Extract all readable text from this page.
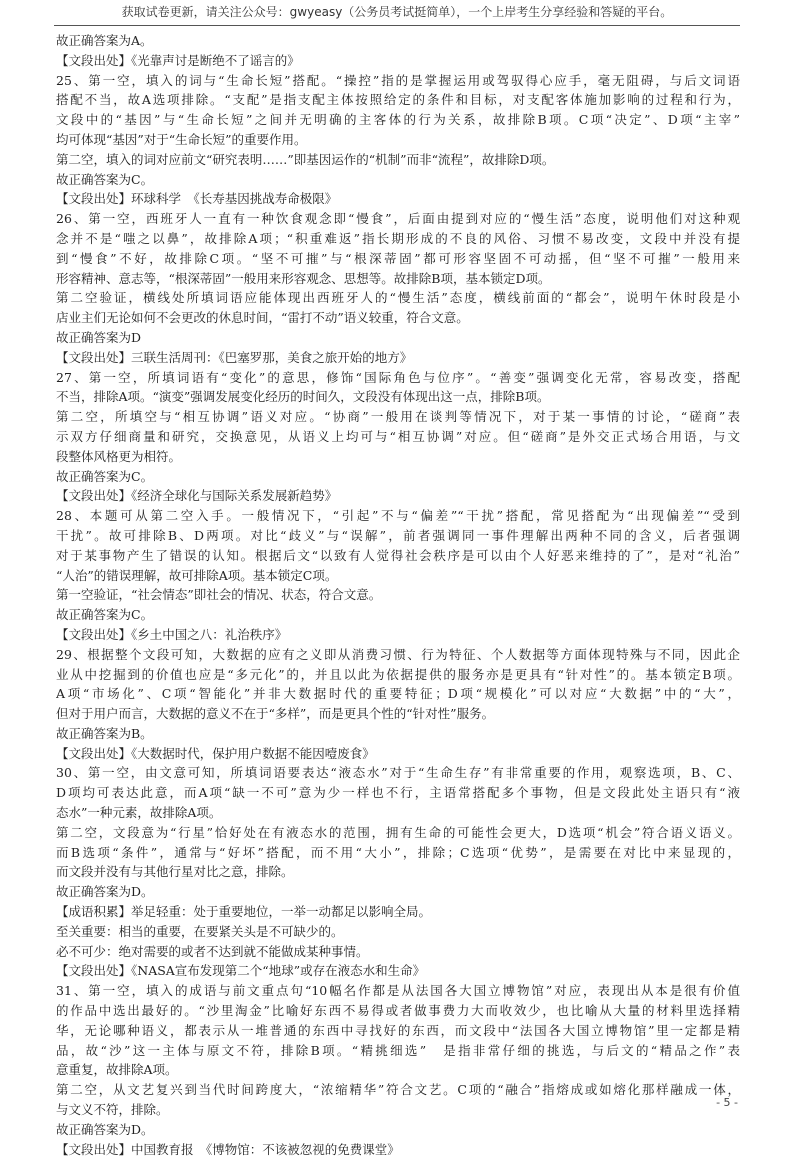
获取试卷更新，请关注公众号：gwyeasy（公务员考试挺简单），一个上岸考生分享经验和答疑的平台。
故正确答案为A。
【文段出处】《光靠声讨是断绝不了谣言的》
25、第一空，填入的词与“生命长短”搭配。“操控”指的是掌握运用或驾驭得心应手，毫无阻碍，与后文词语
搭配不当，故A选项排除。“支配”是指支配主体按照给定的条件和目标，对支配客体施加影响的过程和行为，
文段中的“基因”与“生命长短”之间并无明确的主客体的行为关系，故排除B项。C项“决定”、D项“主宰”
均可体现“基因”对于“生命长短”的重要作用。
第二空，填入的词对应前文“研究表明……”即基因运作的“机制”而非“流程”，故排除D项。
故正确答案为C。
【文段出处】环球科学　《长寿基因挑战寿命极限》
26、第一空，西班牙人一直有一种饮食观念即“慢食”，后面由提到对应的“慢生活”态度，说明他们对这种观
念并不是“嗤之以鼻”，故排除A项；“积重难返”指长期形成的不良的风俗、习惯不易改变，文段中并没有提
到“慢食”不好，故排除C项。“坚不可摧”与“根深蒂固”都可形容坚固不可动摇，但“坚不可摧”一般用来
形容精神、意志等，“根深蒂固”一般用来形容观念、思想等。故排除B项，基本锁定D项。
第二空验证，横线处所填词语应能体现出西班牙人的“慢生活”态度，横线前面的“都会”，说明午休时段是小
店业主们无论如何不会更改的休息时间，“雷打不动”语义较重，符合文意。
故正确答案为D
【文段出处】三联生活周刊：《巴塞罗那，美食之旅开始的地方》
27、第一空，所填词语有“变化”的意思，修饰“国际角色与位序”。“善变”强调变化无常，容易改变，搭配
不当，排除A项。“演变”强调发展变化经历的时间久，文段没有体现出这一点，排除B项。
第二空，所填空与“相互协调”语义对应。“协商”一般用在谈判等情况下，对于某一事情的讨论，“磋商”表
示双方仔细商量和研究，交换意见，从语义上均可与“相互协调”对应。但“磋商”是外交正式场合用语，与文
段整体风格更为相符。
故正确答案为C。
【文段出处】《经济全球化与国际关系发展新趋势》
28、本题可从第二空入手。一般情况下，“引起”不与“偏差”“干扰”搭配，常见搭配为“出现偏差”“受到
干扰”。故可排除B、D两项。对比“歧义”与“误解”，前者强调同一事件理解出两种不同的含义，后者强调
对于某事物产生了错误的认知。根据后文“以致有人觉得社会秩序是可以由个人好恶来维持的了”，是对“礼治”
“人治”的错误理解，故可排除A项。基本锁定C项。
第一空验证，“社会情态”即社会的情况、状态，符合文意。
故正确答案为C。
【文段出处】《乡土中国之八：礼治秩序》
29、根据整个文段可知，大数据的应有之义即从消费习惯、行为特征、个人数据等方面体现特殊与不同，因此企
业从中挖掘到的价值也应是“多元化”的，并且以此为依据提供的服务亦是更具有“针对性”的。基本锁定B项。
A项“市场化”、C项“智能化”并非大数据时代的重要特征；D项“规模化”可以对应“大数据”中的“大”，
但对于用户而言，大数据的意义不在于“多样”，而是更具个性的“针对性”服务。
故正确答案为B。
【文段出处】《大数据时代，保护用户数据不能因噎废食》
30、第一空，由文意可知，所填词语要表达“液态水”对于“生命生存”有非常重要的作用，观察选项，B、C、
D项均可表达此意，而A项“缺一不可”意为少一样也不行，主语常搭配多个事物，但是文段此处主语只有“液
态水”一种元素，故排除A项。
第二空，文段意为“行星”恰好处在有液态水的范围，拥有生命的可能性会更大，D选项“机会”符合语义语义。
而B选项“条件”，通常与“好坏”搭配，而不用“大小”，排除；C选项“优势”，是需要在对比中来显现的，
而文段并没有与其他行星对比之意，排除。
故正确答案为D。
【成语积累】举足轻重：处于重要地位，一举一动都足以影响全局。
至关重要：相当的重要，在要紧关头是不可缺少的。
必不可少：绝对需要的或者不达到就不能做成某种事情。
【文段出处】《NASA宣布发现第二个“地球”或存在液态水和生命》
31、第一空，填入的成语与前文重点句“10幅名作都是从法国各大国立博物馆”对应，表现出从本是很有价值
的作品中选出最好的。“沙里淘金”比喻好东西不易得或者做事费力大而收效少，也比喻从大量的材料里选择精
华，无论哪种语义，都表示从一堆普通的东西中寻找好的东西，而文段中“法国各大国立博物馆”里一定都是精
品，故“沙”这一主体与原文不符，排除B项。“精挑细选”　是指非常仔细的挑选，与后文的“精品之作”表
意重复，故排除A项。
第二空，从文艺复兴到当代时间跨度大，“浓缩精华”符合文艺。C项的“融合”指熔成或如熔化那样融成一体，
与文义不符，排除。
故正确答案为D。
【文段出处】中国教育报　《博物馆：不该被忽视的免费课堂》
- 5 -
